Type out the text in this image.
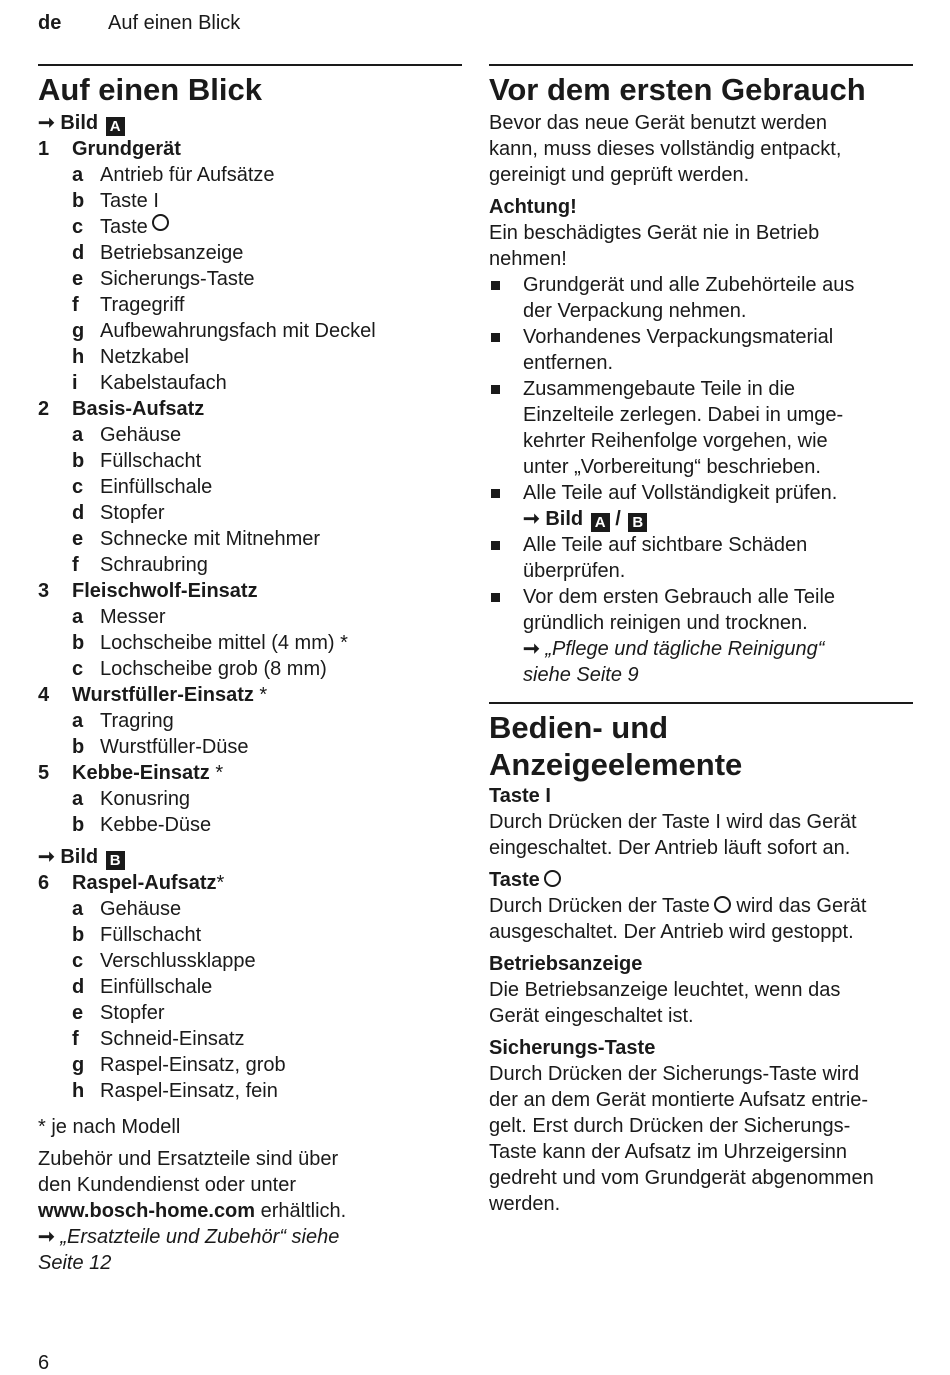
de	Auf einen Blick
Auf einen Blick
➞ Bild A
1	Grundgerät
a Antrieb für Aufsätze
b Taste I
c Taste
d Betriebsanzeige
e Sicherungs-Taste
f	Tragegriff
g Aufbewahrungsfach mit Deckel
h Netzkabel
i	Kabelstaufach
2	Basis-Aufsatz
a Gehäuse
b Füllschacht
c Einfüllschale
d Stopfer
e Schnecke mit Mitnehmer
f	Schraubring
3	Fleischwolf-Einsatz
a Messer
b Lochscheibe mittel (4 mm) *
c Lochscheibe grob (8 mm)
4	Wurstfüller-Einsatz *
a Tragring
b Wurstfüller-Düse
5	Kebbe-Einsatz *
a Konusring
b Kebbe-Düse
➞ Bild B
6	Raspel-Aufsatz*
a Gehäuse
b Füllschacht
c Verschlussklappe
d Einfüllschale
e Stopfer
f	Schneid-Einsatz
g Raspel-Einsatz, grob
h Raspel-Einsatz, fein
* je nach Modell
Zubehör und Ersatzteile sind über
den Kundendienst oder unter
www.bosch-home.com erhältlich.
➞ „Ersatzteile und Zubehör“ siehe
Seite 12
Vor dem ersten Gebrauch
Bevor das neue Gerät benutzt werden
kann, muss dieses vollständig entpackt,
gereinigt und geprüft werden.
Achtung!
Ein beschädigtes Gerät nie in Betrieb
nehmen!
Grundgerät und alle Zubehörteile aus
der Verpackung nehmen.
Vorhandenes Verpackungsmaterial
entfernen.
Zusammengebaute Teile in die
Einzelteile zerlegen. Dabei in umge-
kehrter Reihenfolge vorgehen, wie
unter „Vorbereitung“ beschrieben.
Alle Teile auf Vollständigkeit prüfen.
➞ Bild A / B
Alle Teile auf sichtbare Schäden
überprüfen.
Vor dem ersten Gebrauch alle Teile
gründlich reinigen und trocknen.
➞ „Pflege und tägliche Reinigung“
siehe Seite 9
Bedien- und
Anzeigeelemente
Taste I
Durch Drücken der Taste I wird das Gerät
eingeschaltet. Der Antrieb läuft sofort an.
Taste
Durch Drücken der Taste wird das Gerät
ausgeschaltet. Der Antrieb wird gestoppt.
Betriebsanzeige
Die Betriebsanzeige leuchtet, wenn das
Gerät eingeschaltet ist.
Sicherungs-Taste
Durch Drücken der Sicherungs-Taste wird
der an dem Gerät montierte Aufsatz entrie-
gelt. Erst durch Drücken der Sicherungs-
Taste kann der Aufsatz im Uhrzeigersinn
gedreht und vom Grundgerät abgenommen
werden.
6
